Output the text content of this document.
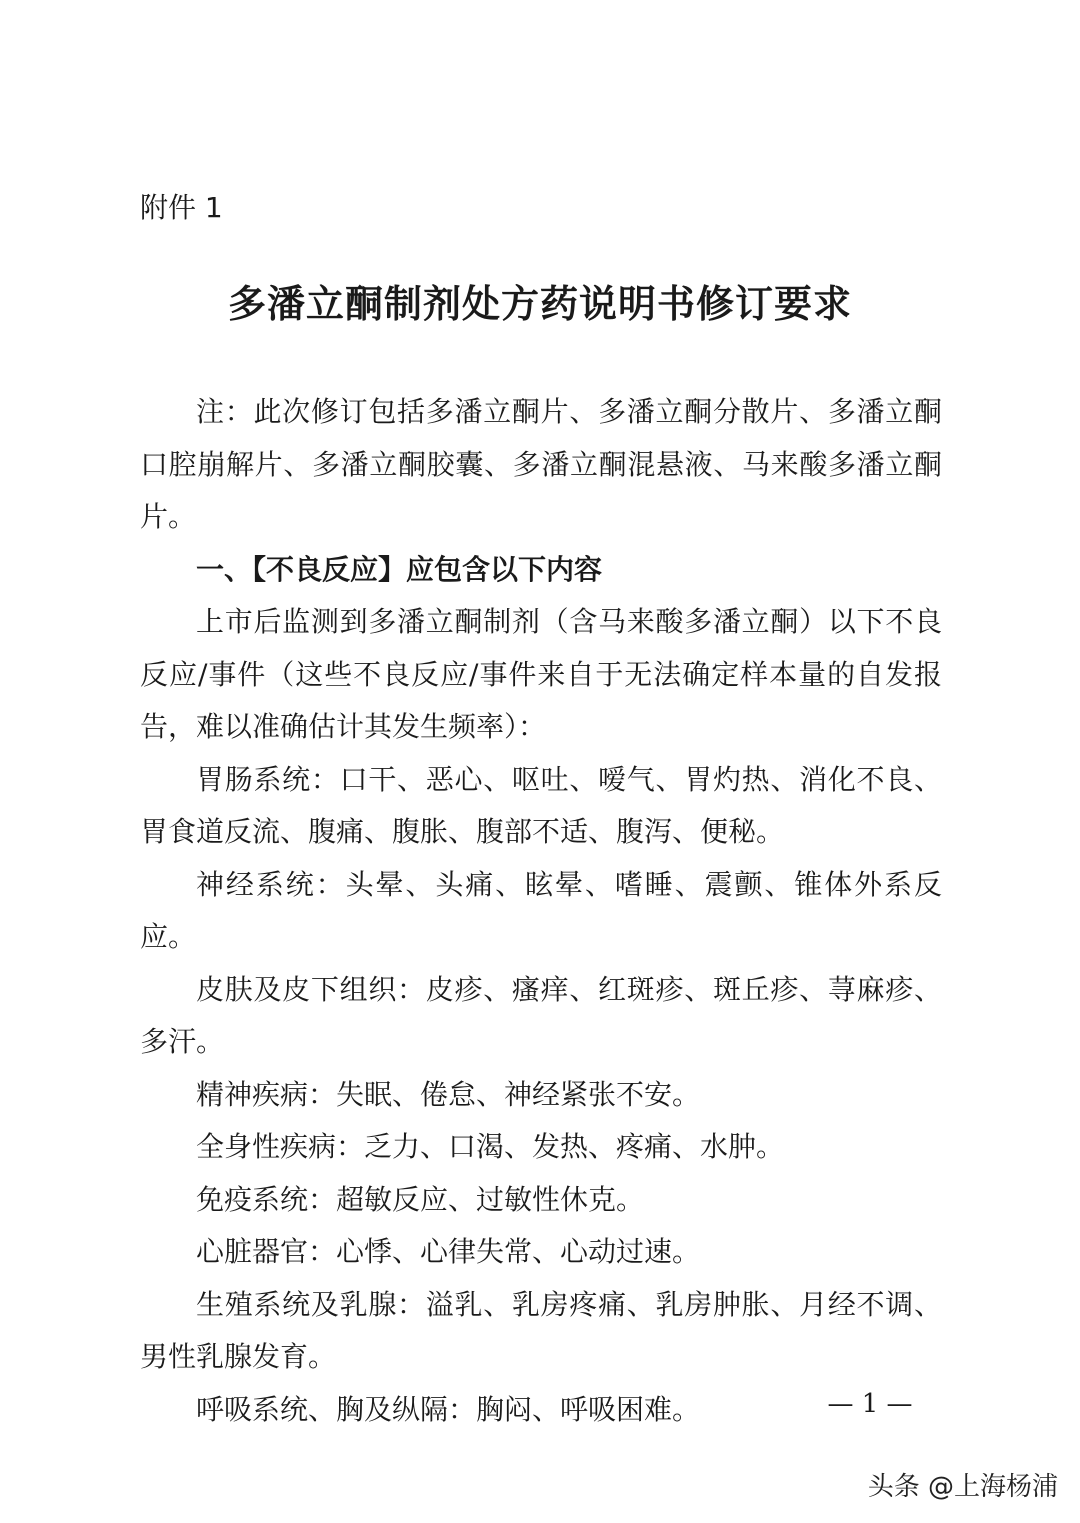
附件 1

多潘立酮制剂处方药说明书修订要求

注：此次修订包括多潘立酮片、多潘立酮分散片、多潘立酮口腔崩解片、多潘立酮胶囊、多潘立酮混悬液、马来酸多潘立酮片。

一、【不良反应】应包含以下内容

上市后监测到多潘立酮制剂（含马来酸多潘立酮）以下不良反应/事件（这些不良反应/事件来自于无法确定样本量的自发报告，难以准确估计其发生频率）：

胃肠系统：口干、恶心、呕吐、嗳气、胃灼热、消化不良、胃食道反流、腹痛、腹胀、腹部不适、腹泻、便秘。

神经系统：头晕、头痛、眩晕、嗜睡、震颤、锥体外系反应。

皮肤及皮下组织：皮疹、瘙痒、红斑疹、斑丘疹、荨麻疹、多汗。

精神疾病：失眠、倦怠、神经紧张不安。

全身性疾病：乏力、口渴、发热、疼痛、水肿。

免疫系统：超敏反应、过敏性休克。

心脏器官：心悸、心律失常、心动过速。

生殖系统及乳腺：溢乳、乳房疼痛、乳房肿胀、月经不调、男性乳腺发育。

呼吸系统、胸及纵隔：胸闷、呼吸困难。	— 1 —
头条 @上海杨浦
